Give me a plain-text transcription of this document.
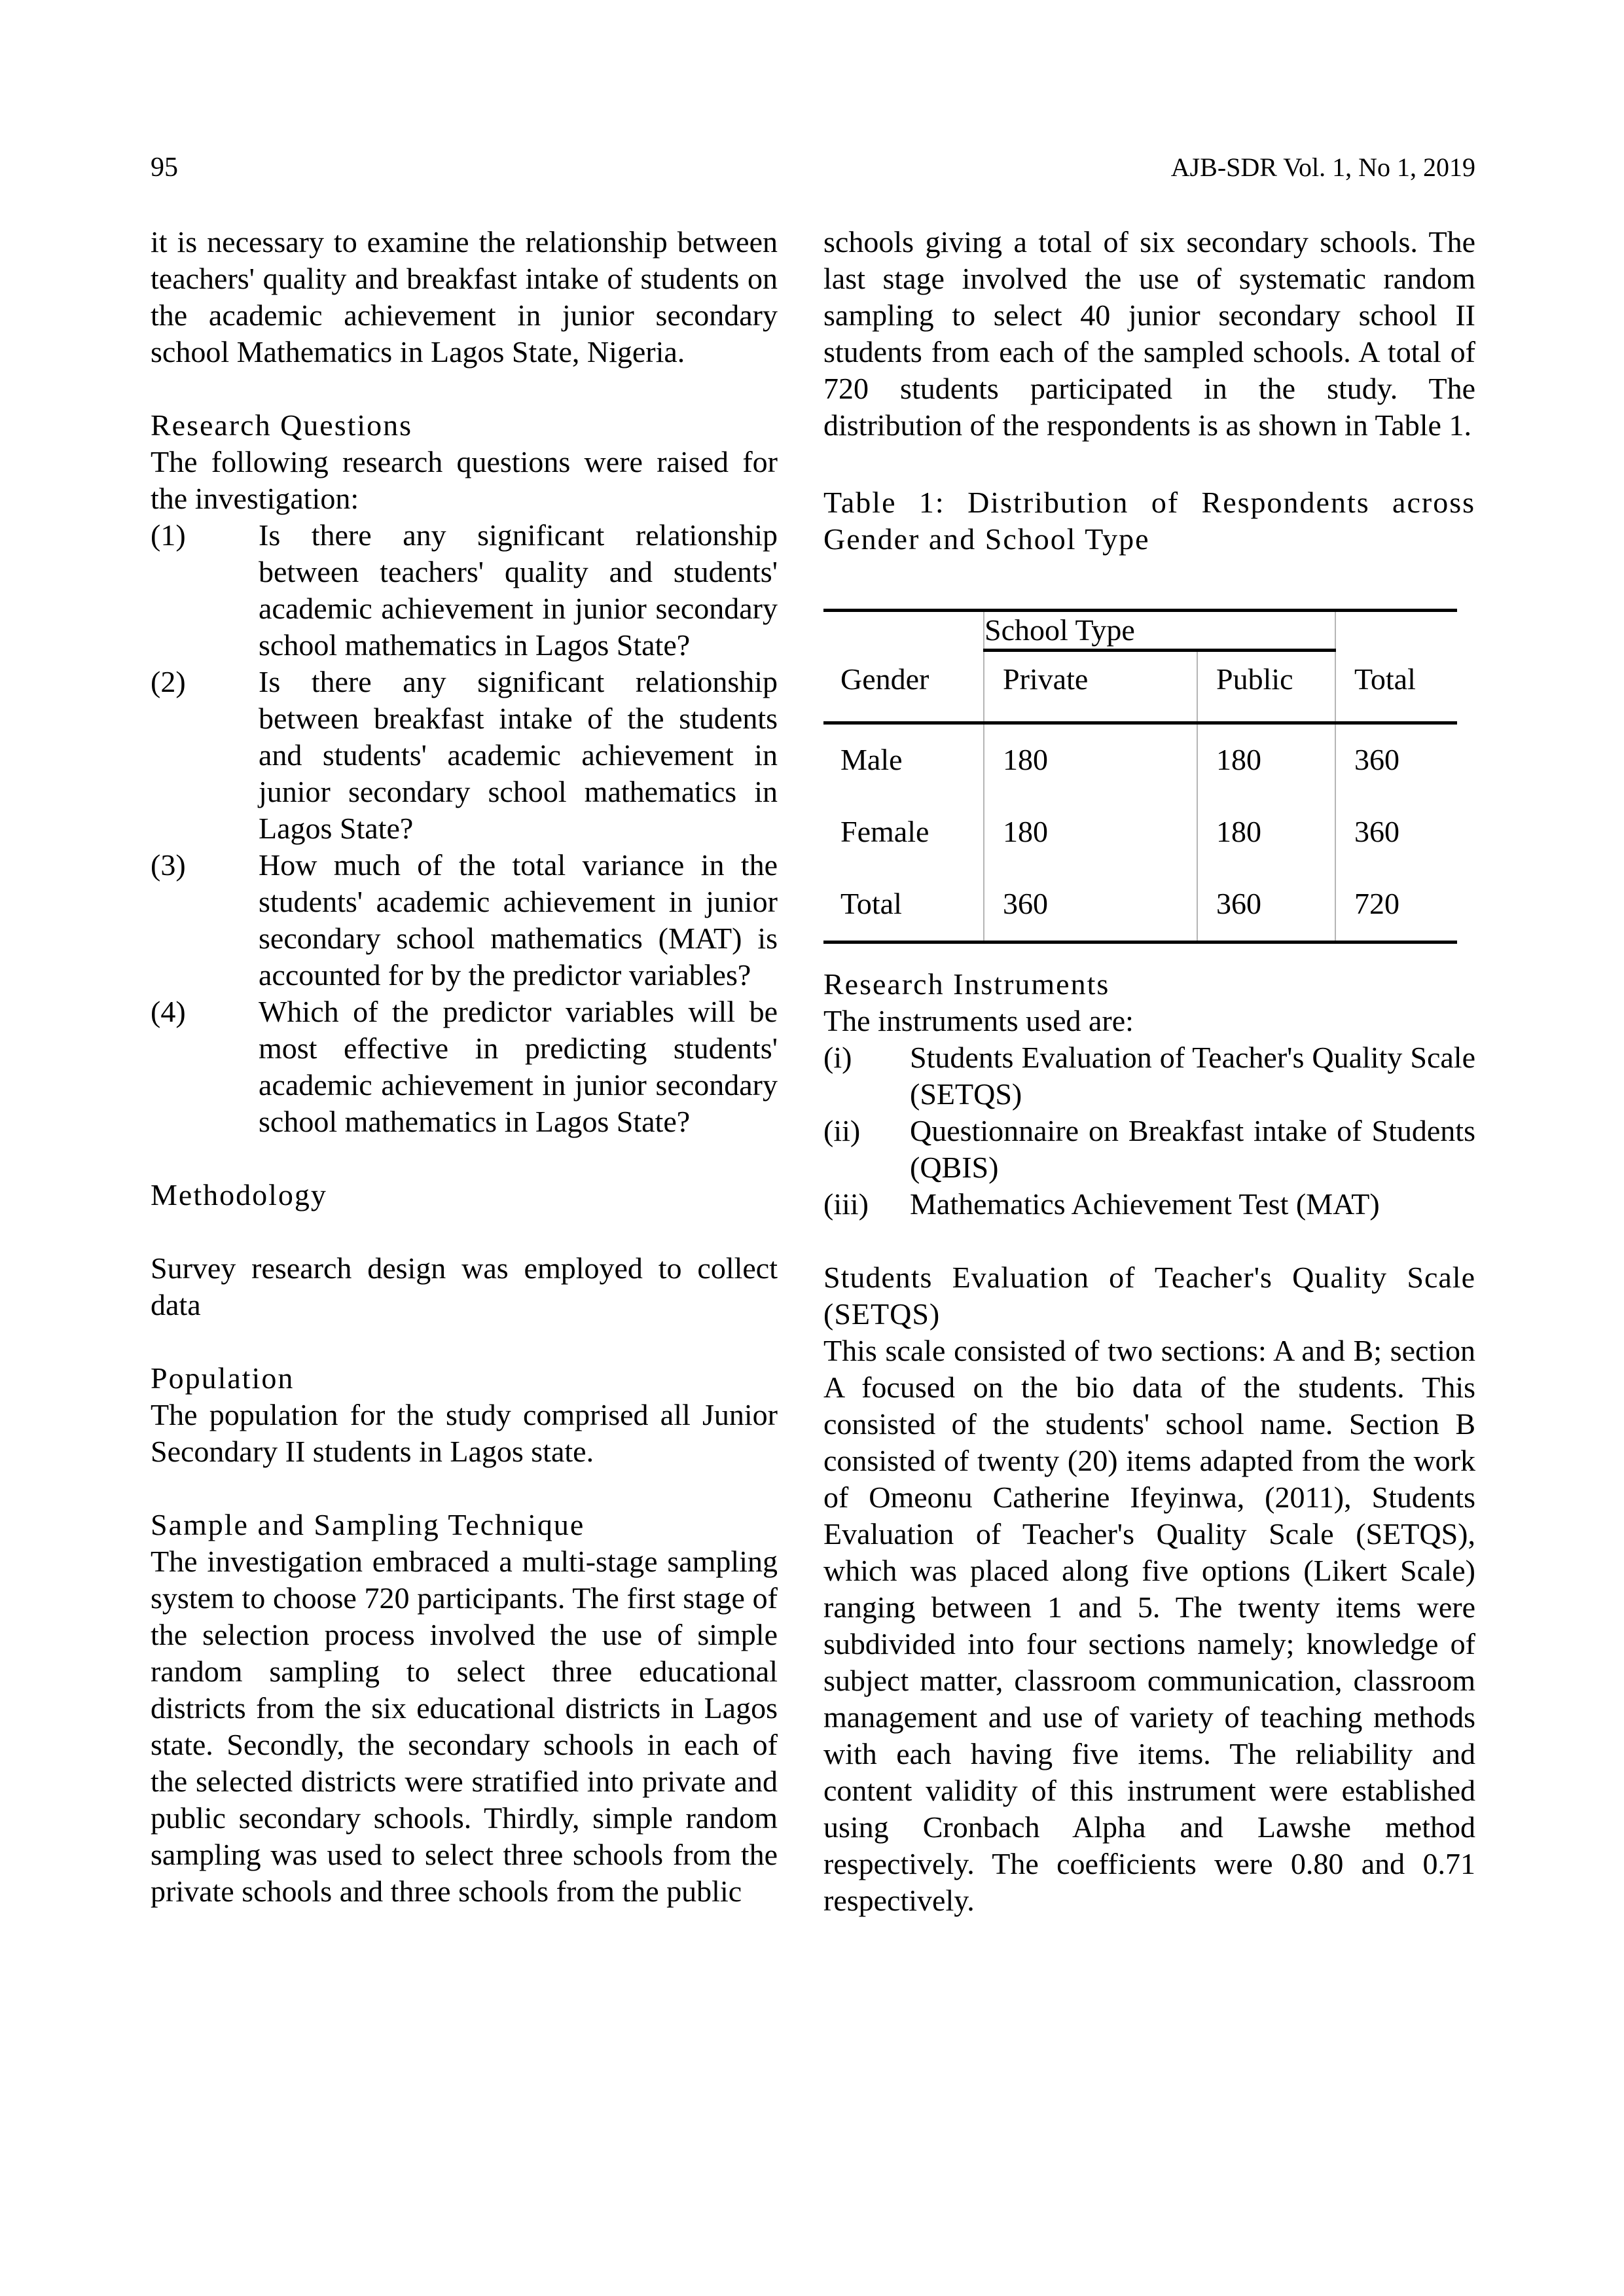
95	AJB-SDR Vol. 1, No 1, 2019

it is necessary to examine the relationship between teachers' quality and breakfast intake of students on the academic achievement in junior secondary school Mathematics in Lagos State, Nigeria.

Research Questions

The following research questions were raised for the investigation:

(1) Is there any significant relationship between teachers' quality and students' academic achievement in junior secondary school mathematics in Lagos State?
(2) Is there any significant relationship between breakfast intake of the students and students' academic achievement in junior secondary school mathematics in Lagos State?
(3) How much of the total variance in the students' academic achievement in junior secondary school mathematics (MAT) is accounted for by the predictor variables?
(4) Which of the predictor variables will be most effective in predicting students' academic achievement in junior secondary school mathematics in Lagos State?
Methodology

Survey research design was employed to collect data

Population

The population for the study comprised all Junior Secondary II students in Lagos state.

Sample and Sampling Technique

The investigation embraced a multi-stage sampling system to choose 720 participants. The first stage of the selection process involved the use of simple random sampling to select three educational districts from the six educational districts in Lagos state. Secondly, the secondary schools in each of the selected districts were stratified into private and public secondary schools. Thirdly, simple random sampling was used to select three schools from the private schools and three schools from the public

schools giving a total of six secondary schools. The last stage involved the use of systematic random sampling to select 40 junior secondary school II students from each of the sampled schools. A total of 720 students participated in the study. The distribution of the respondents is as shown in Table 1.

Table 1: Distribution of Respondents across Gender and School Type

	School Type		
Gender	Private	Public	Total
Male	180	180	360
Female	180	180	360
Total	360	360	720
Research Instruments

The instruments used are:

(i) Students Evaluation of Teacher's Quality Scale (SETQS)
(ii) Questionnaire on Breakfast intake of Students (QBIS)
(iii) Mathematics Achievement Test (MAT)
Students Evaluation of Teacher's Quality Scale (SETQS)

This scale consisted of two sections: A and B; section A focused on the bio data of the students. This consisted of the students' school name. Section B consisted of twenty (20) items adapted from the work of Omeonu Catherine Ifeyinwa, (2011), Students Evaluation of Teacher's Quality Scale (SETQS), which was placed along five options (Likert Scale) ranging between 1 and 5. The twenty items were subdivided into four sections namely; knowledge of subject matter, classroom communication, classroom management and use of variety of teaching methods with each having five items. The reliability and content validity of this instrument were established using Cronbach Alpha and Lawshe method respectively. The coefficients were 0.80 and 0.71 respectively.
